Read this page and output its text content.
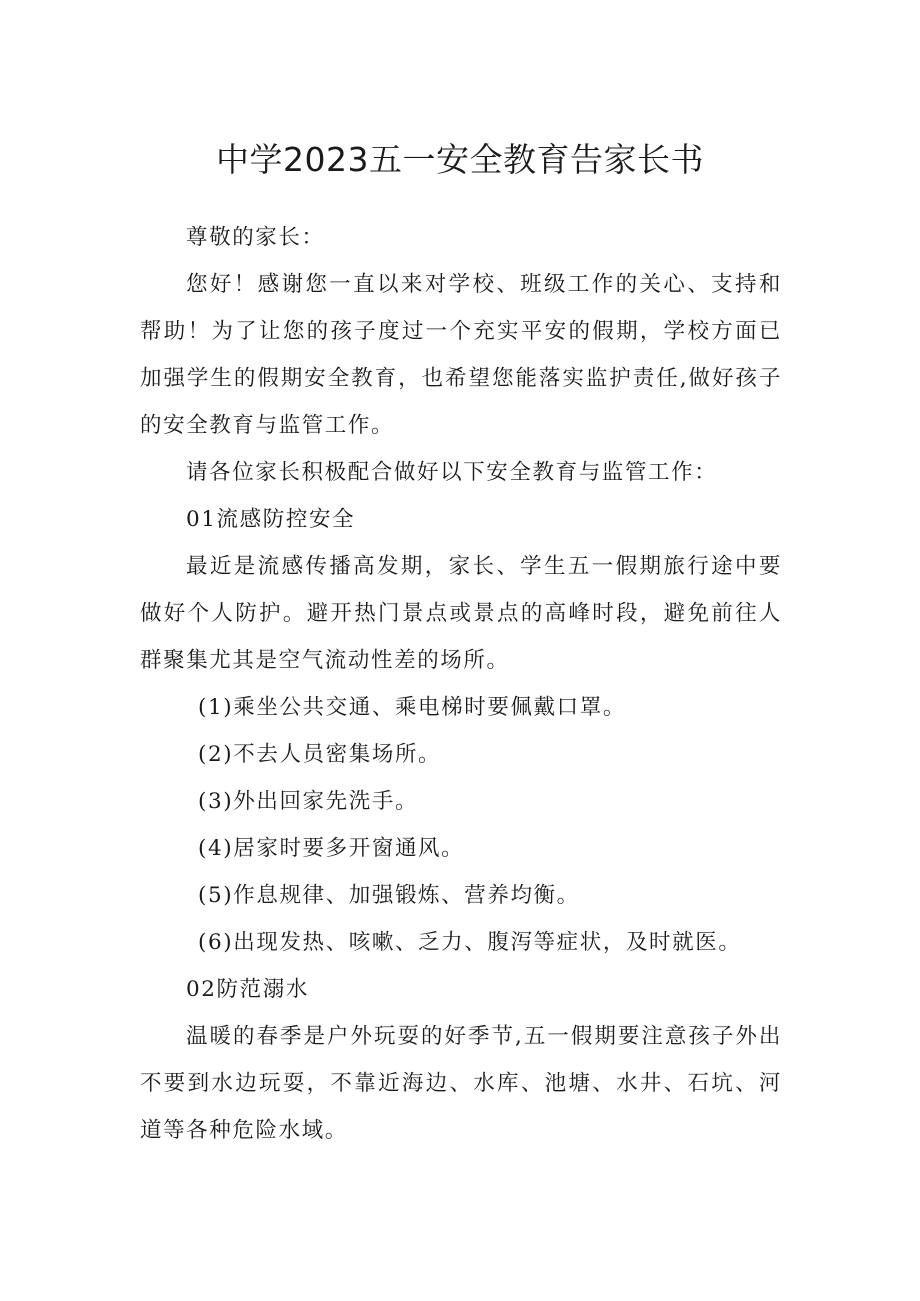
中学2023五一安全教育告家长书

尊敬的家长：

您好！感谢您一直以来对学校、班级工作的关心、支持和帮助！为了让您的孩子度过一个充实平安的假期，学校方面已加强学生的假期安全教育，也希望您能落实监护责任,做好孩子的安全教育与监管工作。

请各位家长积极配合做好以下安全教育与监管工作：

01流感防控安全

最近是流感传播高发期，家长、学生五一假期旅行途中要做好个人防护。避开热门景点或景点的高峰时段，避免前往人群聚集尤其是空气流动性差的场所。

(1)乘坐公共交通、乘电梯时要佩戴口罩。

(2)不去人员密集场所。

(3)外出回家先洗手。

(4)居家时要多开窗通风。

(5)作息规律、加强锻炼、营养均衡。

(6)出现发热、咳嗽、乏力、腹泻等症状，及时就医。

02防范溺水

温暖的春季是户外玩耍的好季节,五一假期要注意孩子外出不要到水边玩耍，不靠近海边、水库、池塘、水井、石坑、河道等各种危险水域。
